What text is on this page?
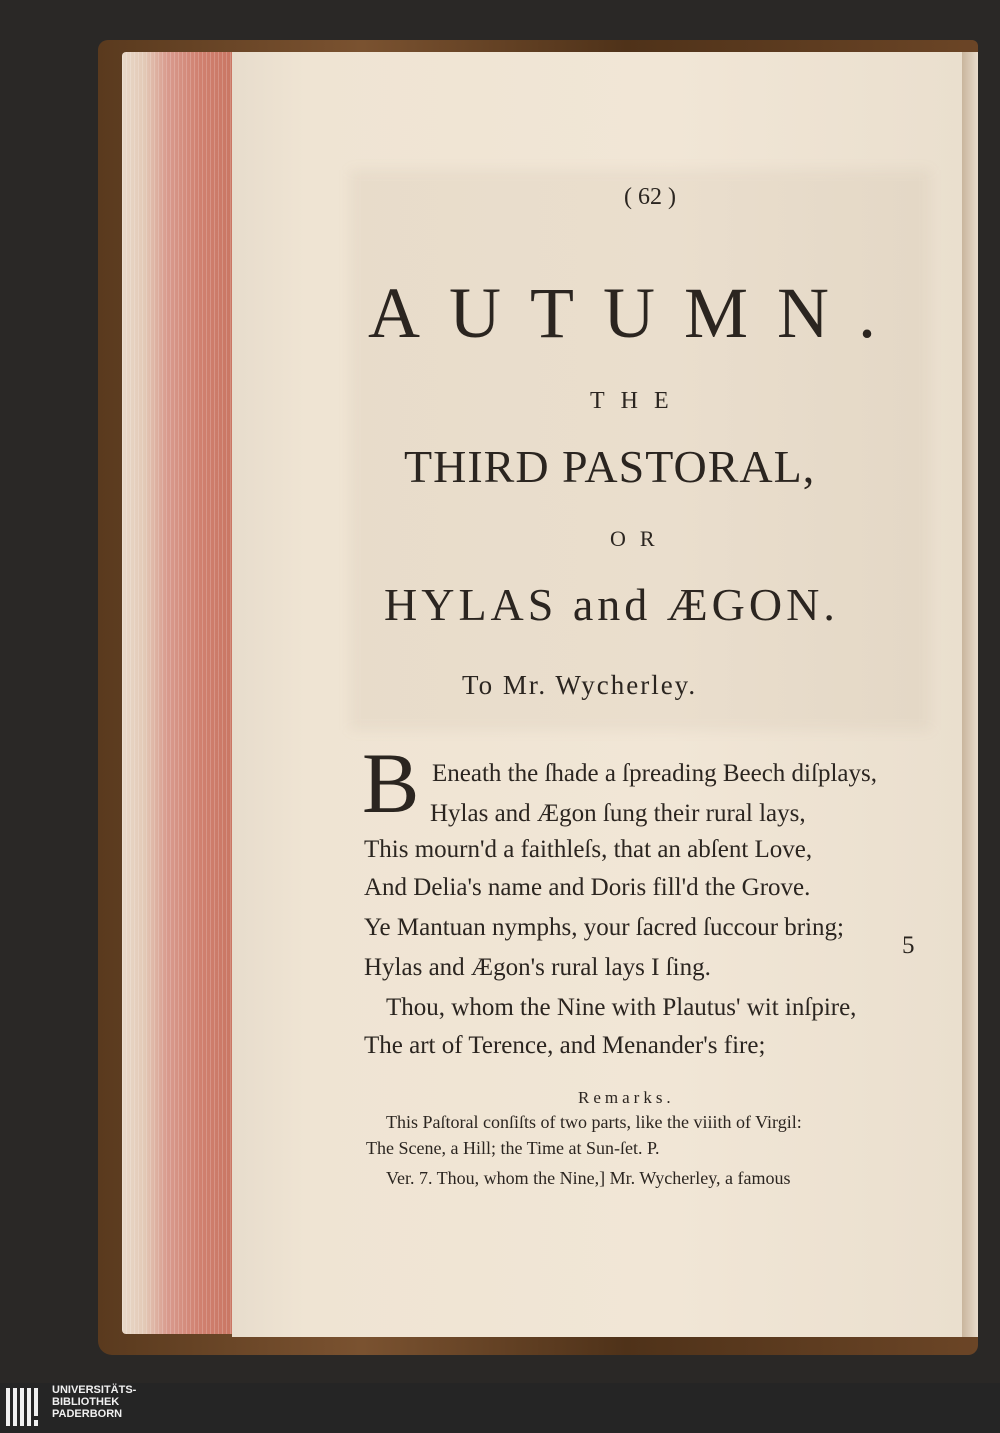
( 62 )
AUTUMN.
THE
THIRD PASTORAL,
OR
HYLAS and ÆGON.
To Mr. Wycherley.
B Eneath the ſhade a ſpreading Beech diſplays,
Hylas and Ægon ſung their rural lays,
This mourn'd a faithleſs, that an abſent Love,
And Delia's name and Doris fill'd the Grove.
Ye Mantuan nymphs, your ſacred ſuccour bring;
5
Hylas and Ægon's rural lays I ſing.
Thou, whom the Nine with Plautus' wit inſpire,
The art of Terence, and Menander's fire;
Remarks.
This Paſtoral conſiſts of two parts, like the viiith of Virgil:
The Scene, a Hill; the Time at Sun-ſet. P.
Ver. 7. Thou, whom the Nine,] Mr. Wycherley, a famous
UNIVERSITÄTS-
BIBLIOTHEK
PADERBORN
